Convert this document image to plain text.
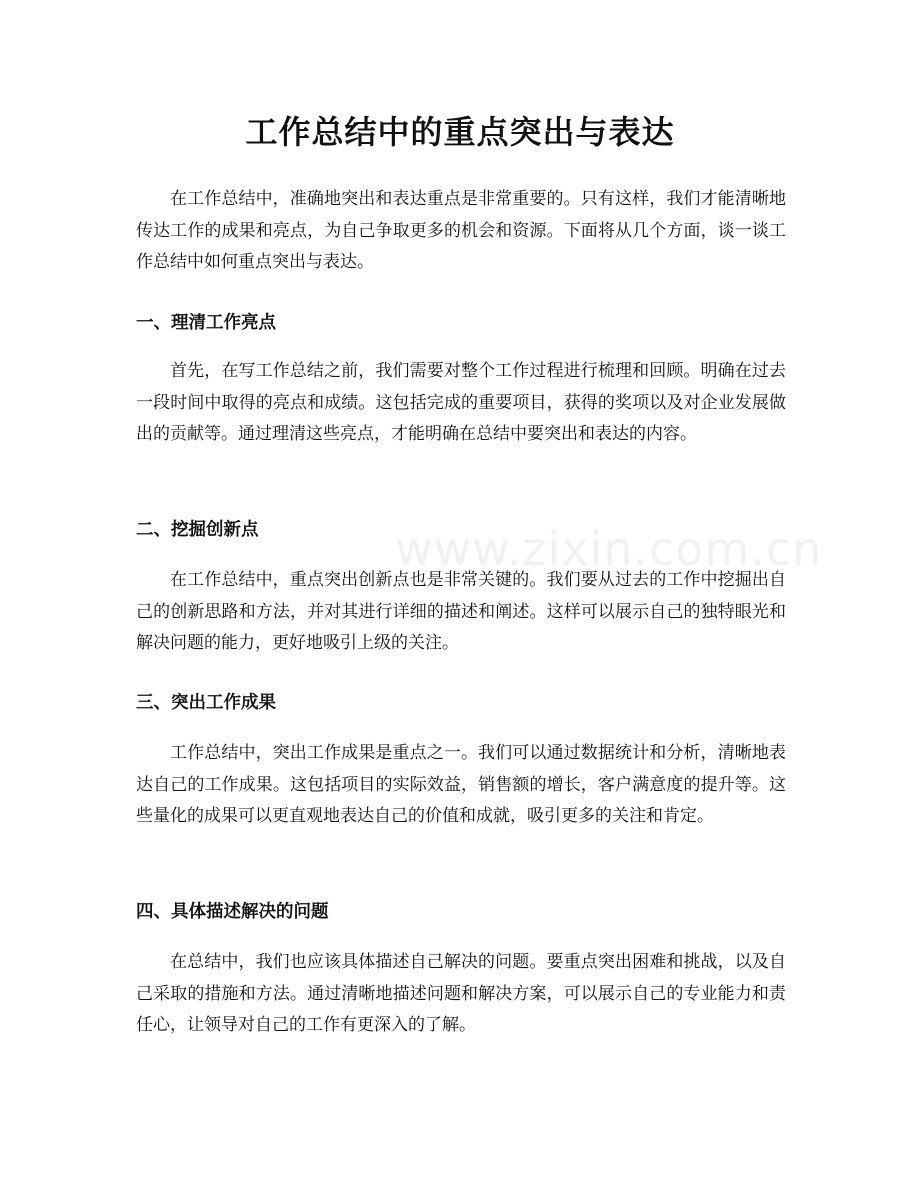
www.zixin.com.cn
工作总结中的重点突出与表达

在工作总结中，准确地突出和表达重点是非常重要的。只有这样，我们才能清晰地传达工作的成果和亮点，为自己争取更多的机会和资源。下面将从几个方面，谈一谈工作总结中如何重点突出与表达。

一、理清工作亮点

首先，在写工作总结之前，我们需要对整个工作过程进行梳理和回顾。明确在过去一段时间中取得的亮点和成绩。这包括完成的重要项目，获得的奖项以及对企业发展做出的贡献等。通过理清这些亮点，才能明确在总结中要突出和表达的内容。

二、挖掘创新点

在工作总结中，重点突出创新点也是非常关键的。我们要从过去的工作中挖掘出自己的创新思路和方法，并对其进行详细的描述和阐述。这样可以展示自己的独特眼光和解决问题的能力，更好地吸引上级的关注。

三、突出工作成果

工作总结中，突出工作成果是重点之一。我们可以通过数据统计和分析，清晰地表达自己的工作成果。这包括项目的实际效益，销售额的增长，客户满意度的提升等。这些量化的成果可以更直观地表达自己的价值和成就，吸引更多的关注和肯定。

四、具体描述解决的问题

在总结中，我们也应该具体描述自己解决的问题。要重点突出困难和挑战，以及自己采取的措施和方法。通过清晰地描述问题和解决方案，可以展示自己的专业能力和责任心，让领导对自己的工作有更深入的了解。
